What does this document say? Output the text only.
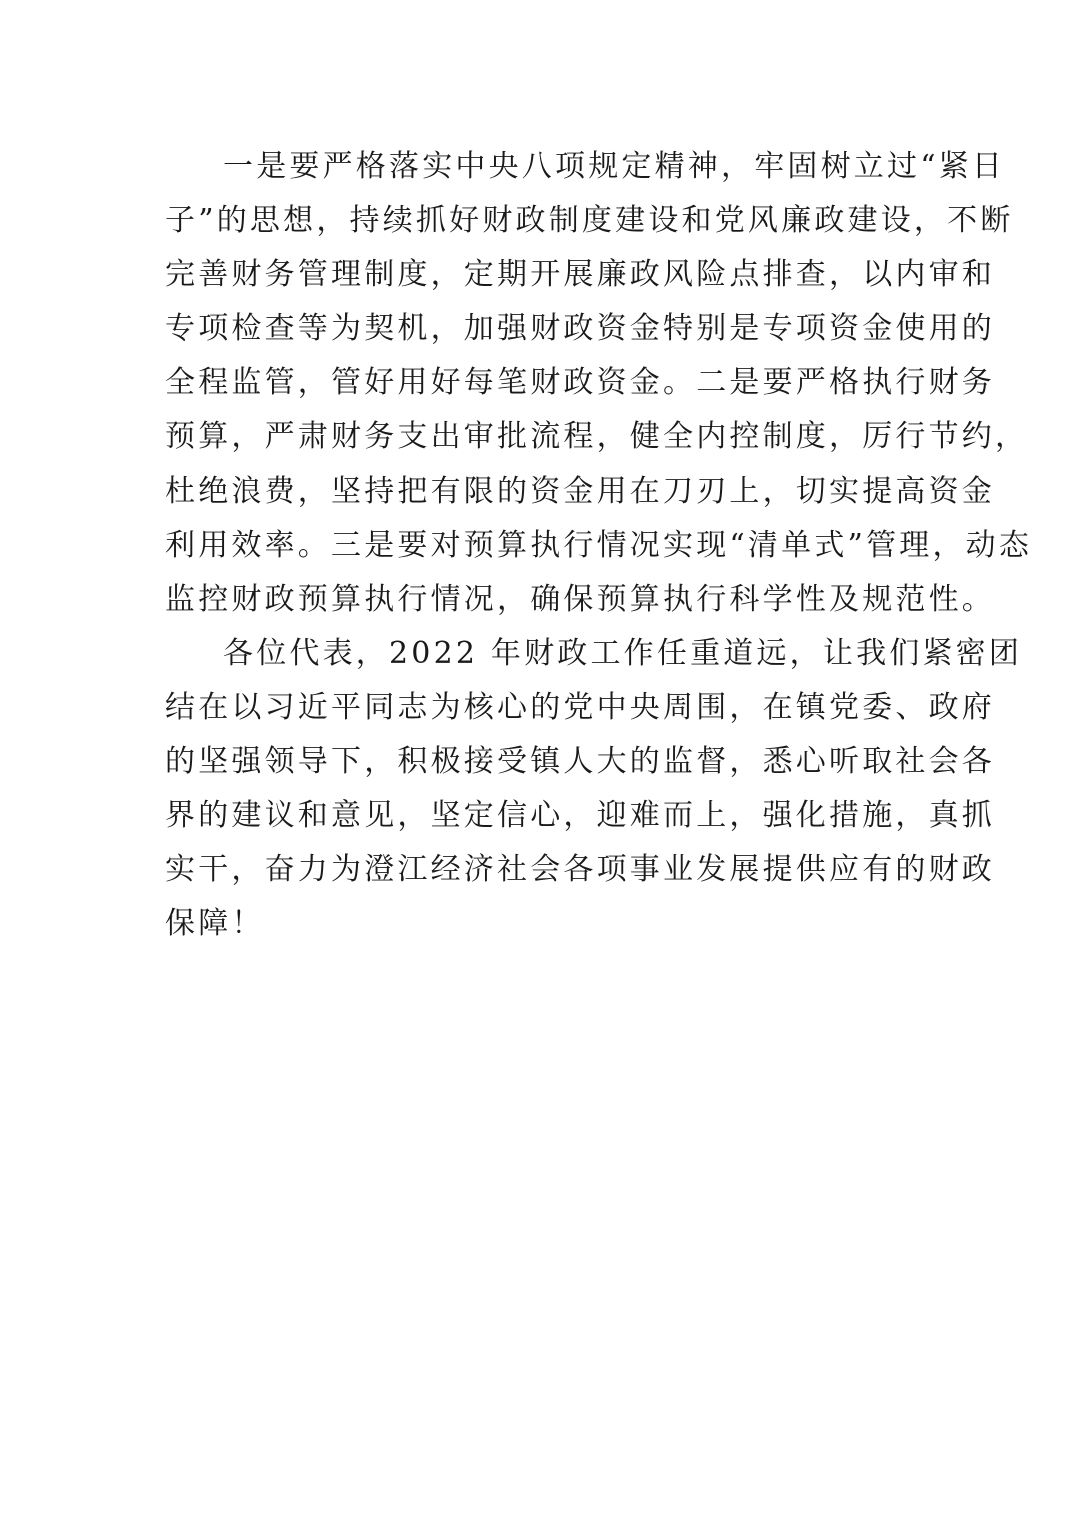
一是要严格落实中央八项规定精神，牢固树立过“紧日
子”的思想，持续抓好财政制度建设和党风廉政建设，不断
完善财务管理制度，定期开展廉政风险点排查，以内审和
专项检查等为契机，加强财政资金特别是专项资金使用的
全程监管，管好用好每笔财政资金。二是要严格执行财务
预算，严肃财务支出审批流程，健全内控制度，厉行节约，
杜绝浪费，坚持把有限的资金用在刀刃上，切实提高资金
利用效率。三是要对预算执行情况实现“清单式”管理，动态
监控财政预算执行情况，确保预算执行科学性及规范性。
各位代表，2022 年财政工作任重道远，让我们紧密团
结在以习近平同志为核心的党中央周围，在镇党委、政府
的坚强领导下，积极接受镇人大的监督，悉心听取社会各
界的建议和意见，坚定信心，迎难而上，强化措施，真抓
实干，奋力为澄江经济社会各项事业发展提供应有的财政
保障！
